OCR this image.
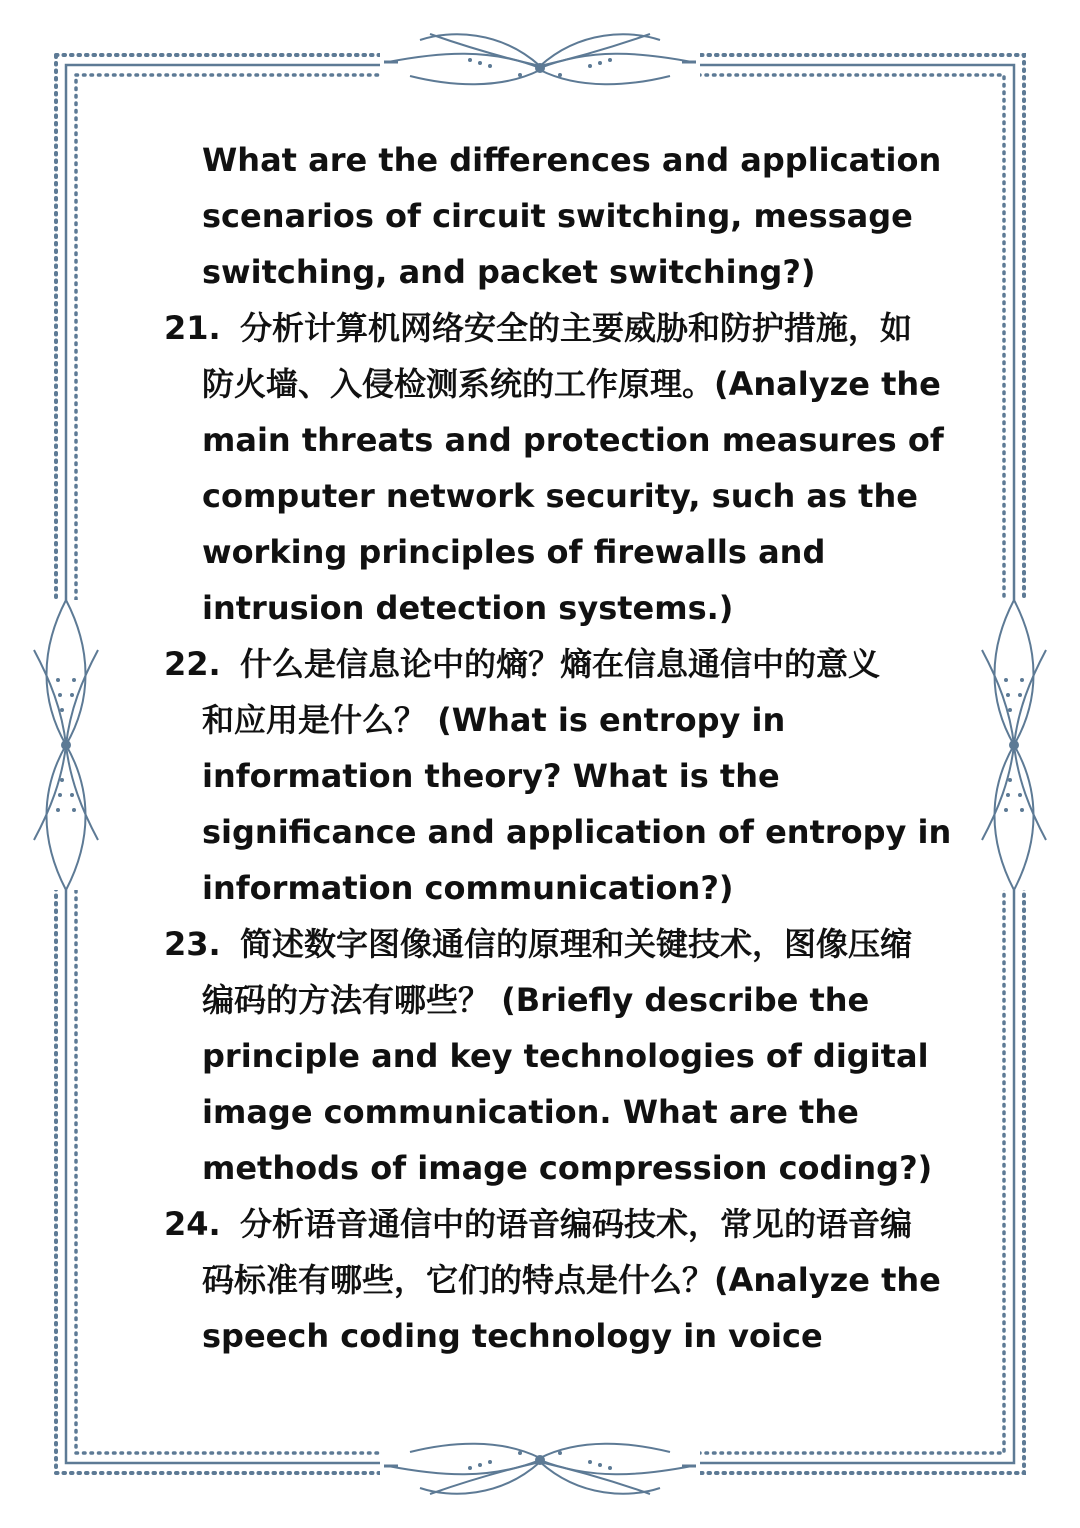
What are the differences and application
scenarios of circuit switching, message
switching, and packet switching?)
21. 分析计算机网络安全的主要威胁和防护措施，如
防火墙、入侵检测系统的工作原理。(Analyze the
main threats and protection measures of
computer network security, such as the
working principles of firewalls and
intrusion detection systems.)
22. 什么是信息论中的熵？熵在信息通信中的意义
和应用是什么？ (What is entropy in
information theory? What is the
significance and application of entropy in
information communication?)
23. 简述数字图像通信的原理和关键技术，图像压缩
编码的方法有哪些？ (Briefly describe the
principle and key technologies of digital
image communication. What are the
methods of image compression coding?)
24. 分析语音通信中的语音编码技术，常见的语音编
码标准有哪些，它们的特点是什么？(Analyze the
speech coding technology in voice
